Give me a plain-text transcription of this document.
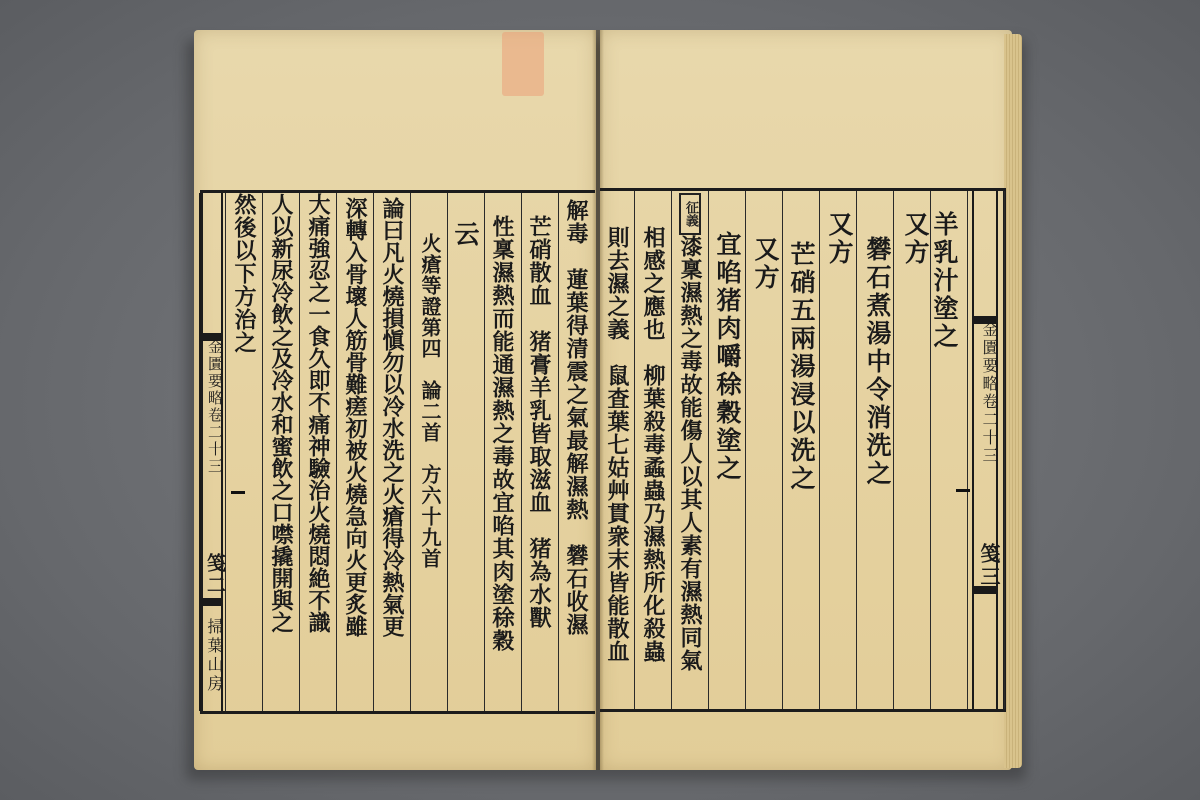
金匱要略卷二十三
笺三
羊乳汁塗之
又方
礬石煮湯中令消洗之
又方
芒硝五兩湯浸以洗之
又方
宜啗猪肉嚼稌穀塗之
征義
漆稟濕熱之毒故能傷人以其人素有濕熱同氣
相感之應也　柳葉殺毒蟊蟲乃濕熱所化殺蟲
則去濕之義　鼠査葉七姑艸貫衆末皆能散血
解毒　蓮葉得清震之氣最解濕熱　礬石收濕
芒硝散血　猪膏羊乳皆取滋血　猪為水獸
性稟濕熱而能通濕熱之毒故宜啗其肉塗稌穀
云
火瘡等證第四　論二首　方六十九首
論曰凡火燒損愼勿以冷水洗之火瘡得冷熱氣更
深轉入骨壞人筋骨難瘥初被火燒急向火更炙雖
大痛強忍之一食久即不痛神驗治火燒悶絶不識
人以新尿冷飲之及冷水和蜜飲之口噤撬開與之
然後以下方治之
金匱要略卷二十三
笺二
掃葉山房
